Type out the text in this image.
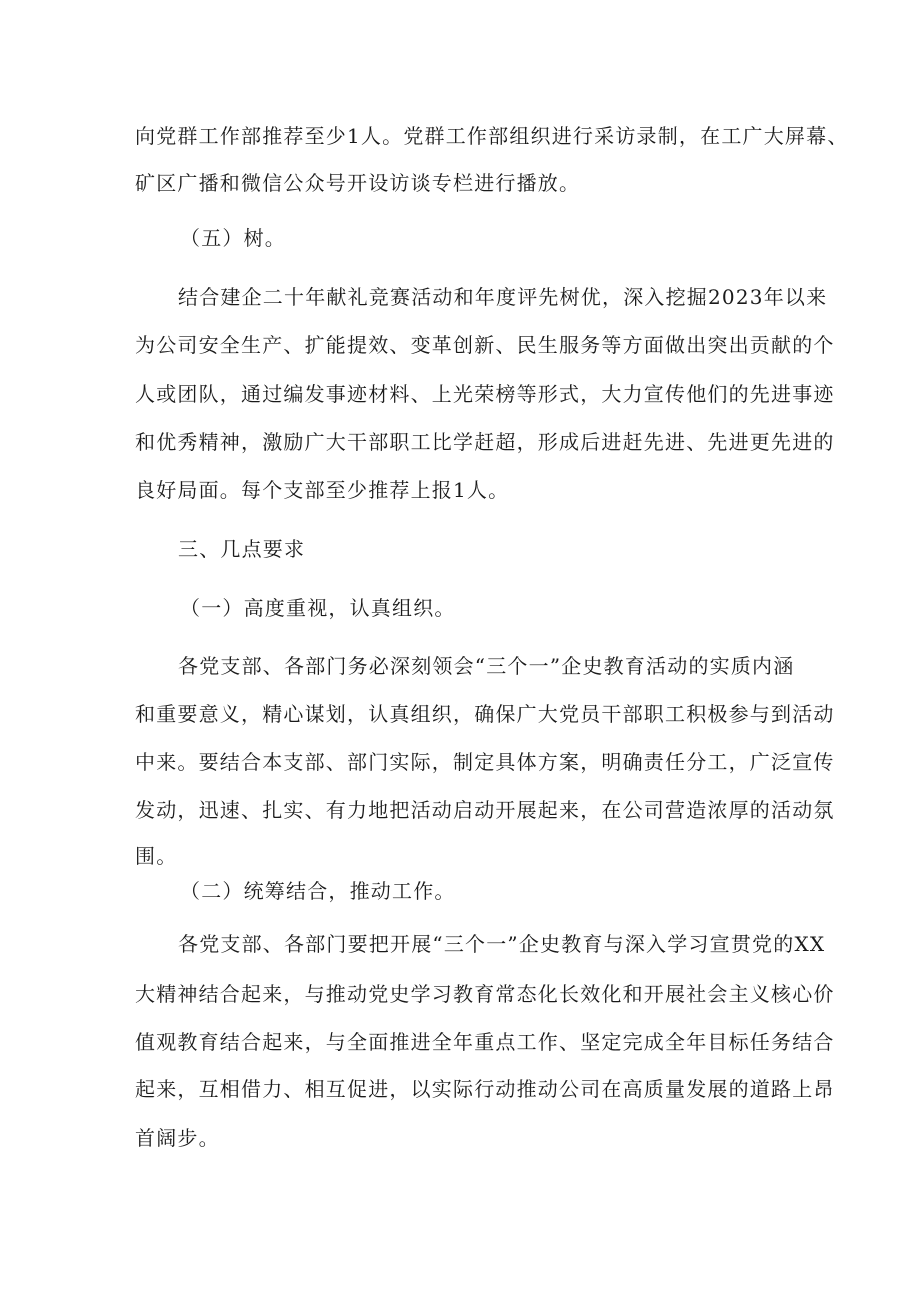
向党群工作部推荐至少1人。党群工作部组织进行采访录制，在工广大屏幕、
矿区广播和微信公众号开设访谈专栏进行播放。
（五）树。
结合建企二十年献礼竞赛活动和年度评先树优，深入挖掘2023年以来
为公司安全生产、扩能提效、变革创新、民生服务等方面做出突出贡献的个
人或团队，通过编发事迹材料、上光荣榜等形式，大力宣传他们的先进事迹
和优秀精神，激励广大干部职工比学赶超，形成后进赶先进、先进更先进的
良好局面。每个支部至少推荐上报1人。
三、几点要求
（一）高度重视，认真组织。
各党支部、各部门务必深刻领会“三个一”企史教育活动的实质内涵
和重要意义，精心谋划，认真组织，确保广大党员干部职工积极参与到活动
中来。要结合本支部、部门实际，制定具体方案，明确责任分工，广泛宣传
发动，迅速、扎实、有力地把活动启动开展起来，在公司营造浓厚的活动氛
围。
（二）统筹结合，推动工作。
各党支部、各部门要把开展“三个一”企史教育与深入学习宣贯党的XX
大精神结合起来，与推动党史学习教育常态化长效化和开展社会主义核心价
值观教育结合起来，与全面推进全年重点工作、坚定完成全年目标任务结合
起来，互相借力、相互促进，以实际行动推动公司在高质量发展的道路上昂
首阔步。
